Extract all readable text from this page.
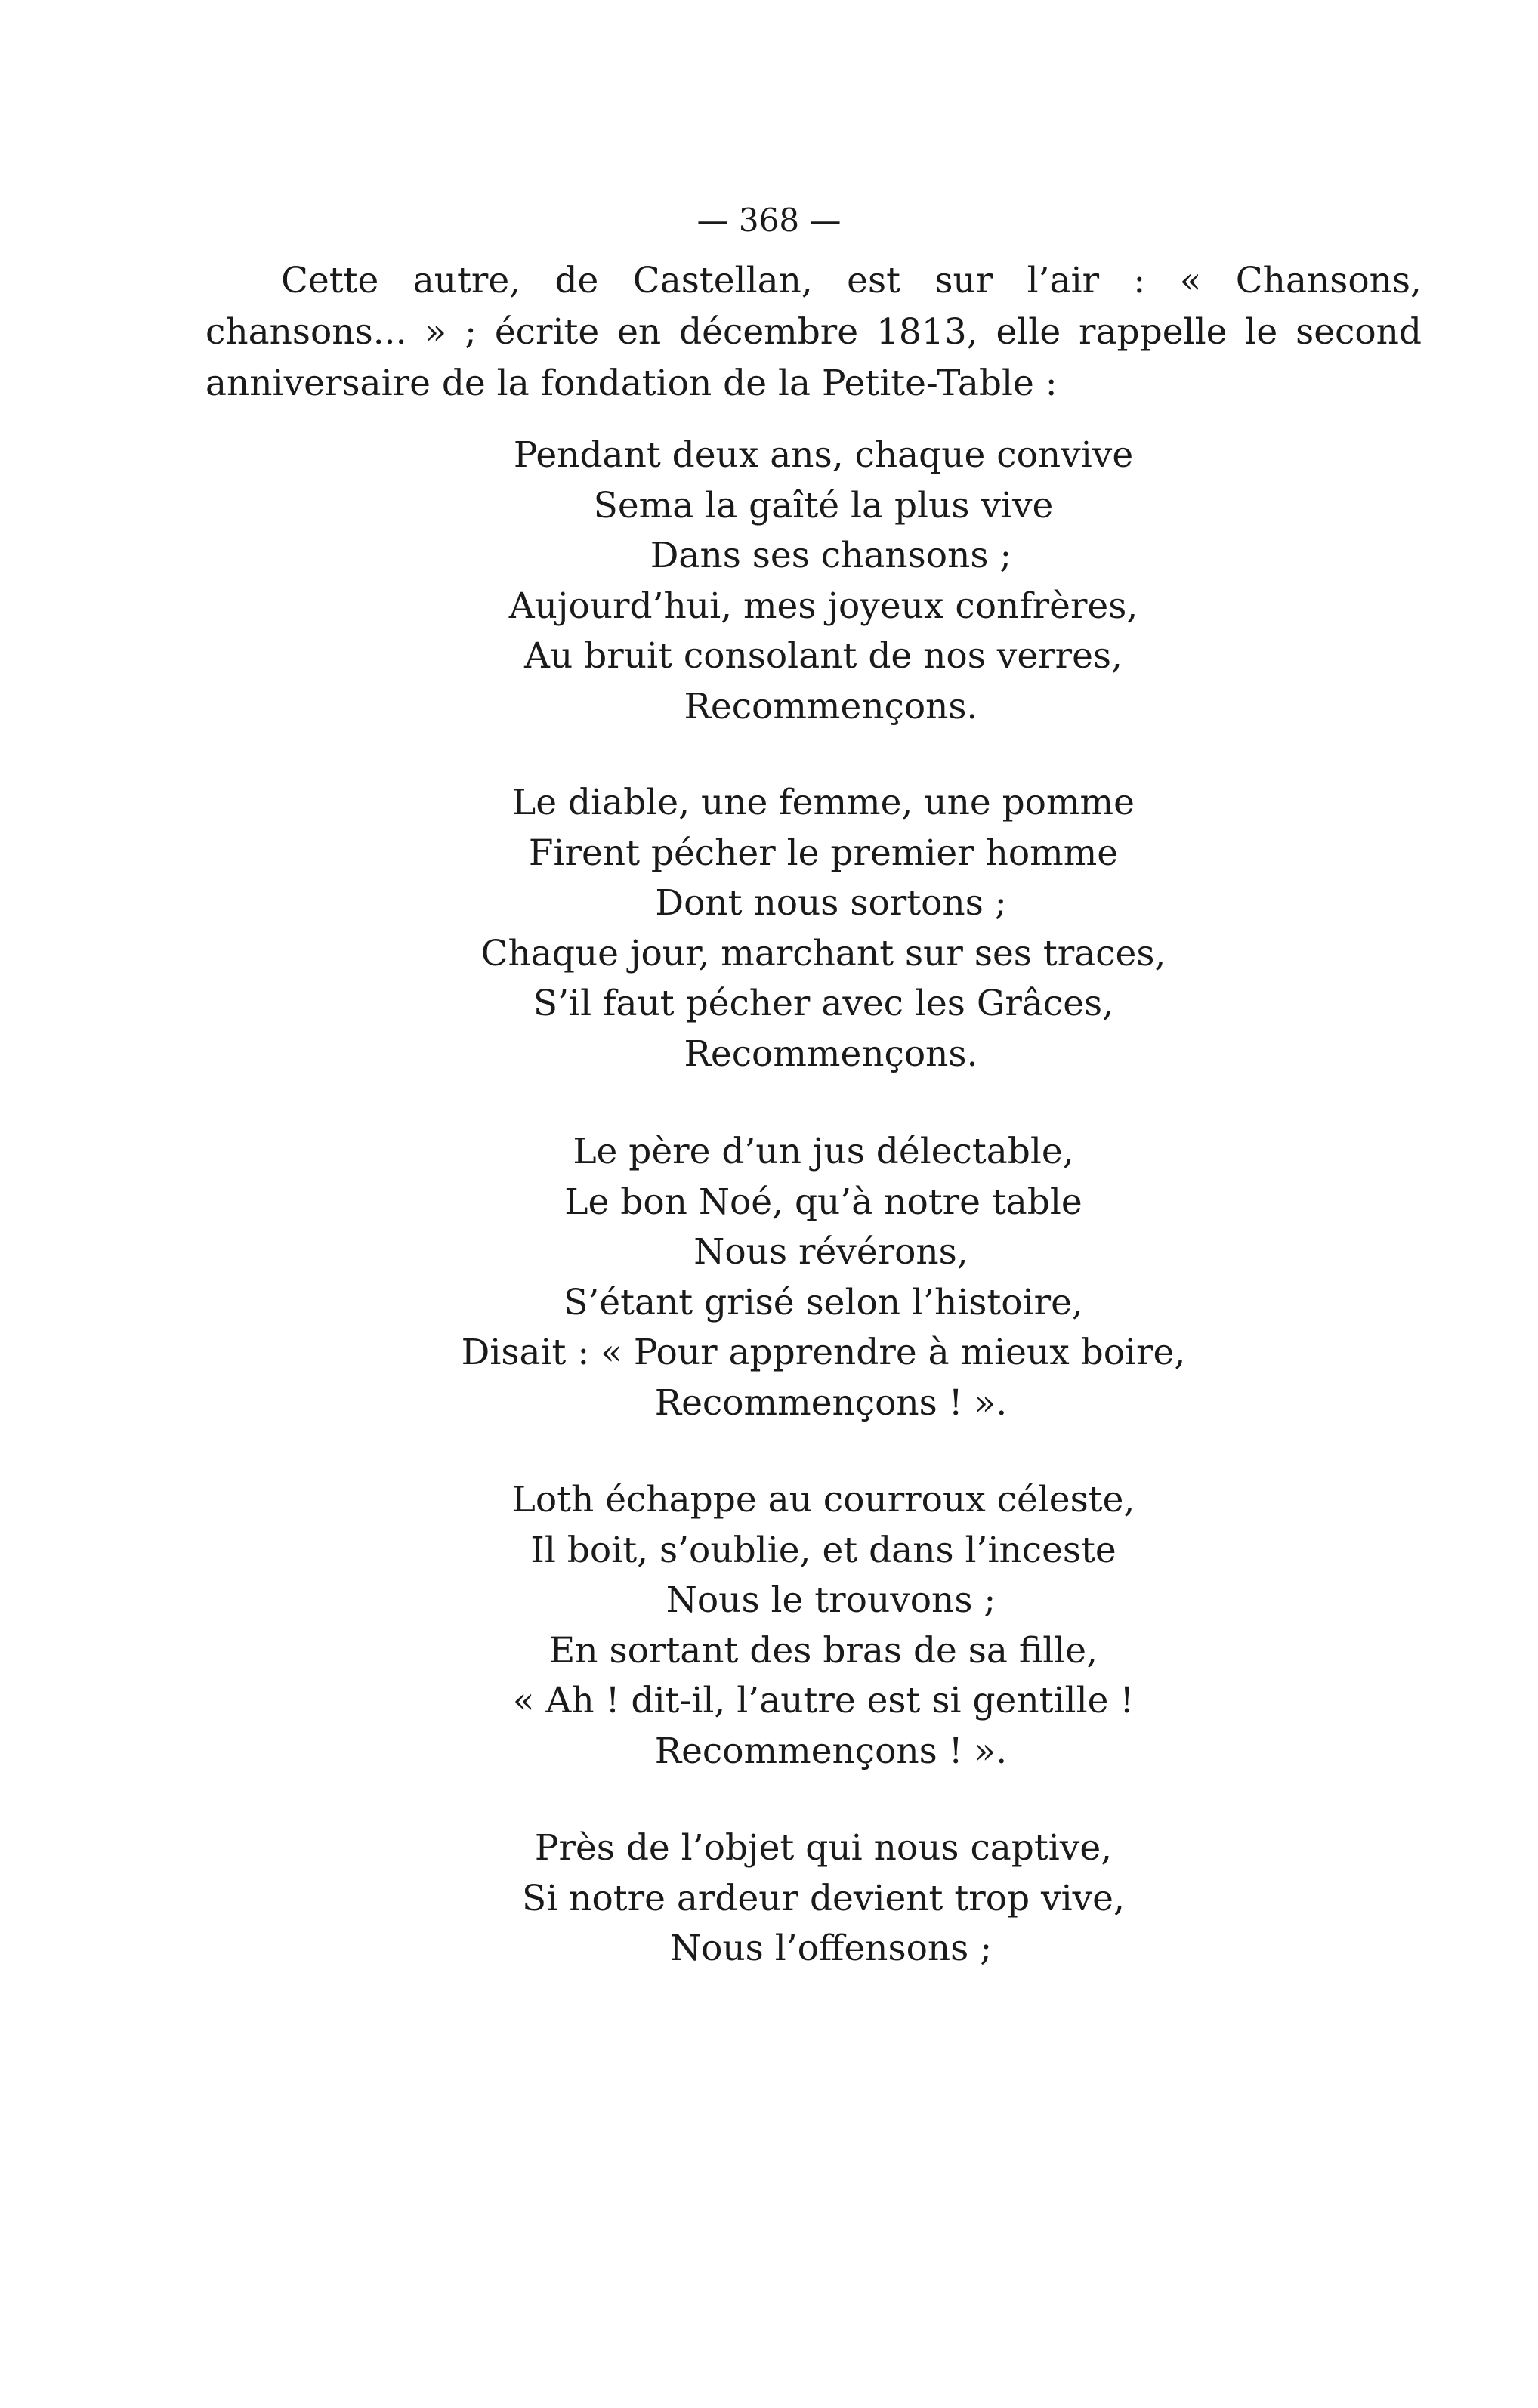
— 368 —

Cette autre, de Castellan, est sur l’air : « Chansons, chansons... » ; écrite en décembre 1813, elle rappelle le second anniversaire de la fondation de la Petite-Table :

Pendant deux ans, chaque convive
Sema la gaîté la plus vive
Dans ses chansons ;
Aujourd’hui, mes joyeux confrères,
Au bruit consolant de nos verres,
Recommençons.
Le diable, une femme, une pomme
Firent pécher le premier homme
Dont nous sortons ;
Chaque jour, marchant sur ses traces,
S’il faut pécher avec les Grâces,
Recommençons.
Le père d’un jus délectable,
Le bon Noé, qu’à notre table
Nous révérons,
S’étant grisé selon l’histoire,
Disait : « Pour apprendre à mieux boire,
Recommençons ! ».
Loth échappe au courroux céleste,
Il boit, s’oublie, et dans l’inceste
Nous le trouvons ;
En sortant des bras de sa fille,
« Ah ! dit-il, l’autre est si gentille !
Recommençons ! ».
Près de l’objet qui nous captive,
Si notre ardeur devient trop vive,
Nous l’offensons ;
